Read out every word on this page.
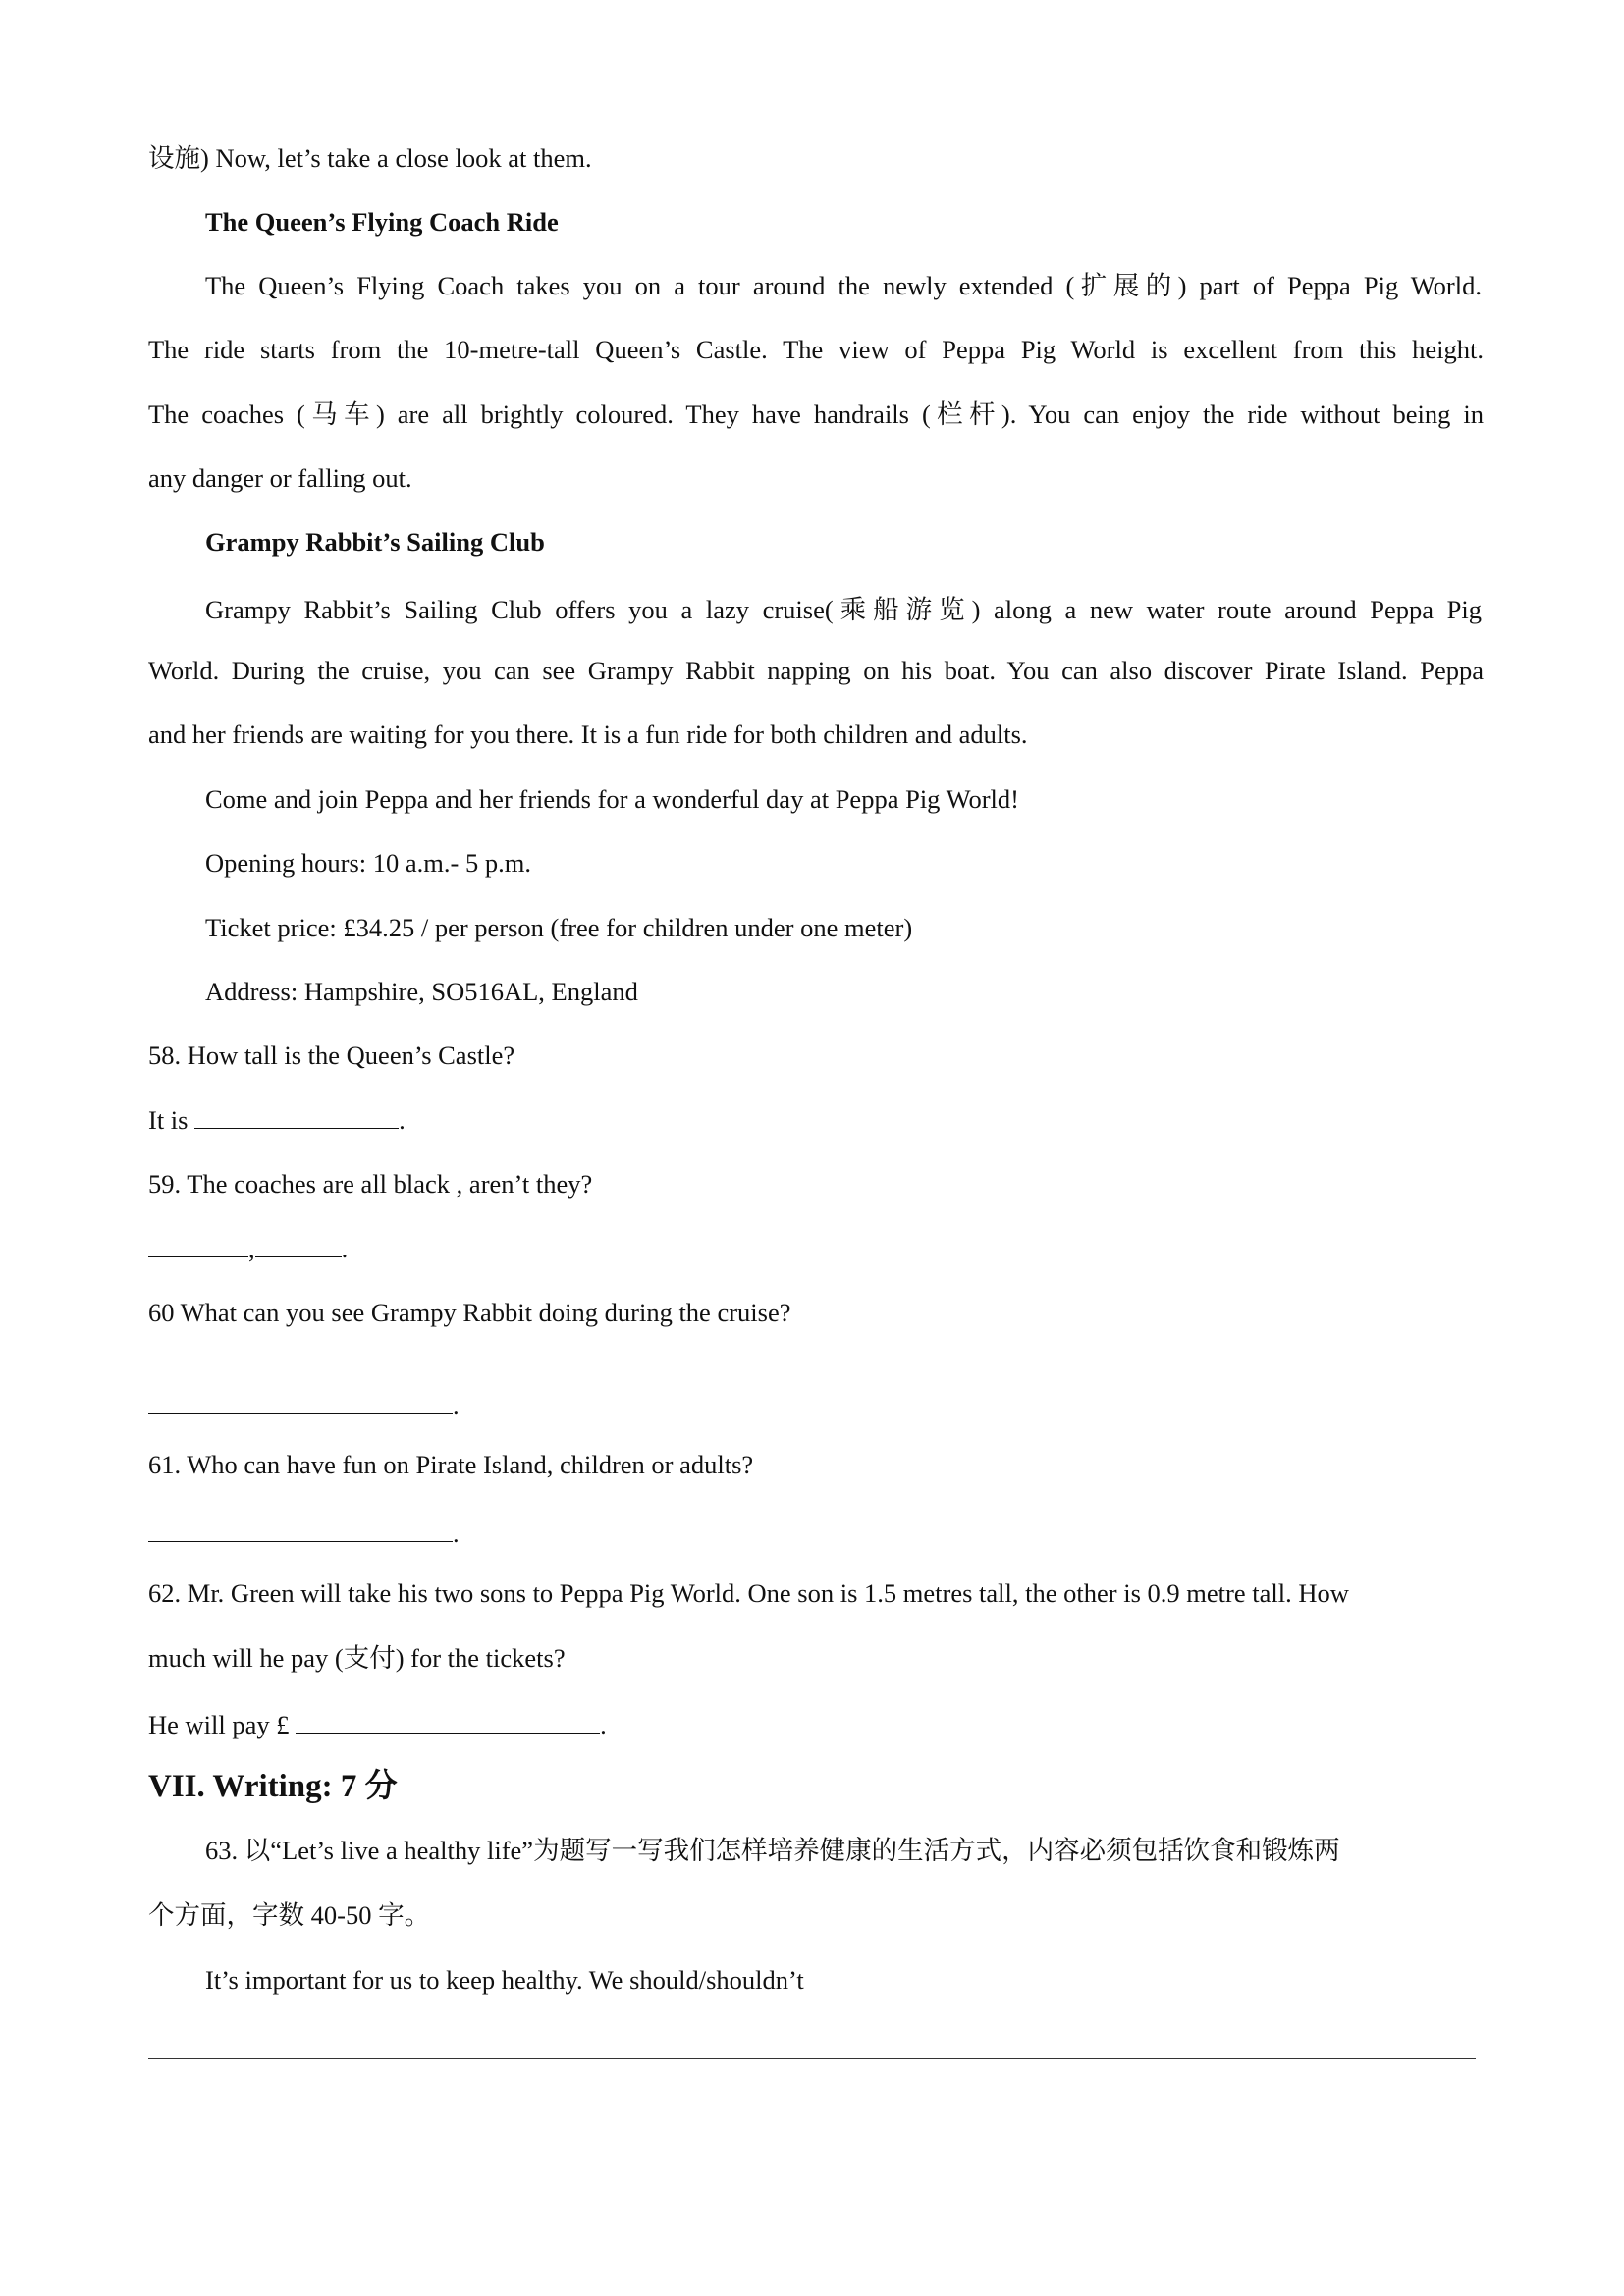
设施) Now, let’s take a close look at them.
The Queen’s Flying Coach Ride
The Queen’s Flying Coach takes you on a tour around the newly extended (扩展的) part of Peppa Pig World.
The ride starts from the 10-metre-tall Queen’s Castle. The view of Peppa Pig World is excellent from this height.
The coaches (马车) are all brightly coloured. They have handrails (栏杆). You can enjoy the ride without being in
any danger or falling out.
Grampy Rabbit’s Sailing Club
Grampy Rabbit’s Sailing Club offers you a lazy cruise(乘船游览) along a new water route around Peppa Pig
World. During the cruise, you can see Grampy Rabbit napping on his boat. You can also discover Pirate Island. Peppa
and her friends are waiting for you there. It is a fun ride for both children and adults.
Come and join Peppa and her friends for a wonderful day at Peppa Pig World!
Opening hours: 10 a.m.- 5 p.m.
Ticket price: £34.25 / per person (free for children under one meter)
Address: Hampshire, SO516AL, England
58. How tall is the Queen’s Castle?
It is	.
59. The coaches are all black , aren’t they?
,	.
60 What can you see Grampy Rabbit doing during the cruise?
.
61. Who can have fun on Pirate Island, children or adults?
.
62. Mr. Green will take his two sons to Peppa Pig World. One son is 1.5 metres tall, the other is 0.9 metre tall. How
much will he pay (支付) for the tickets?
He will pay £	.
VII. Writing: 7 分
63. 以“Let’s live a healthy life”为题写一写我们怎样培养健康的生活方式，内容必须包括饮食和锻炼两
个方面，字数 40-50 字。
It’s important for us to keep healthy. We should/shouldn’t
